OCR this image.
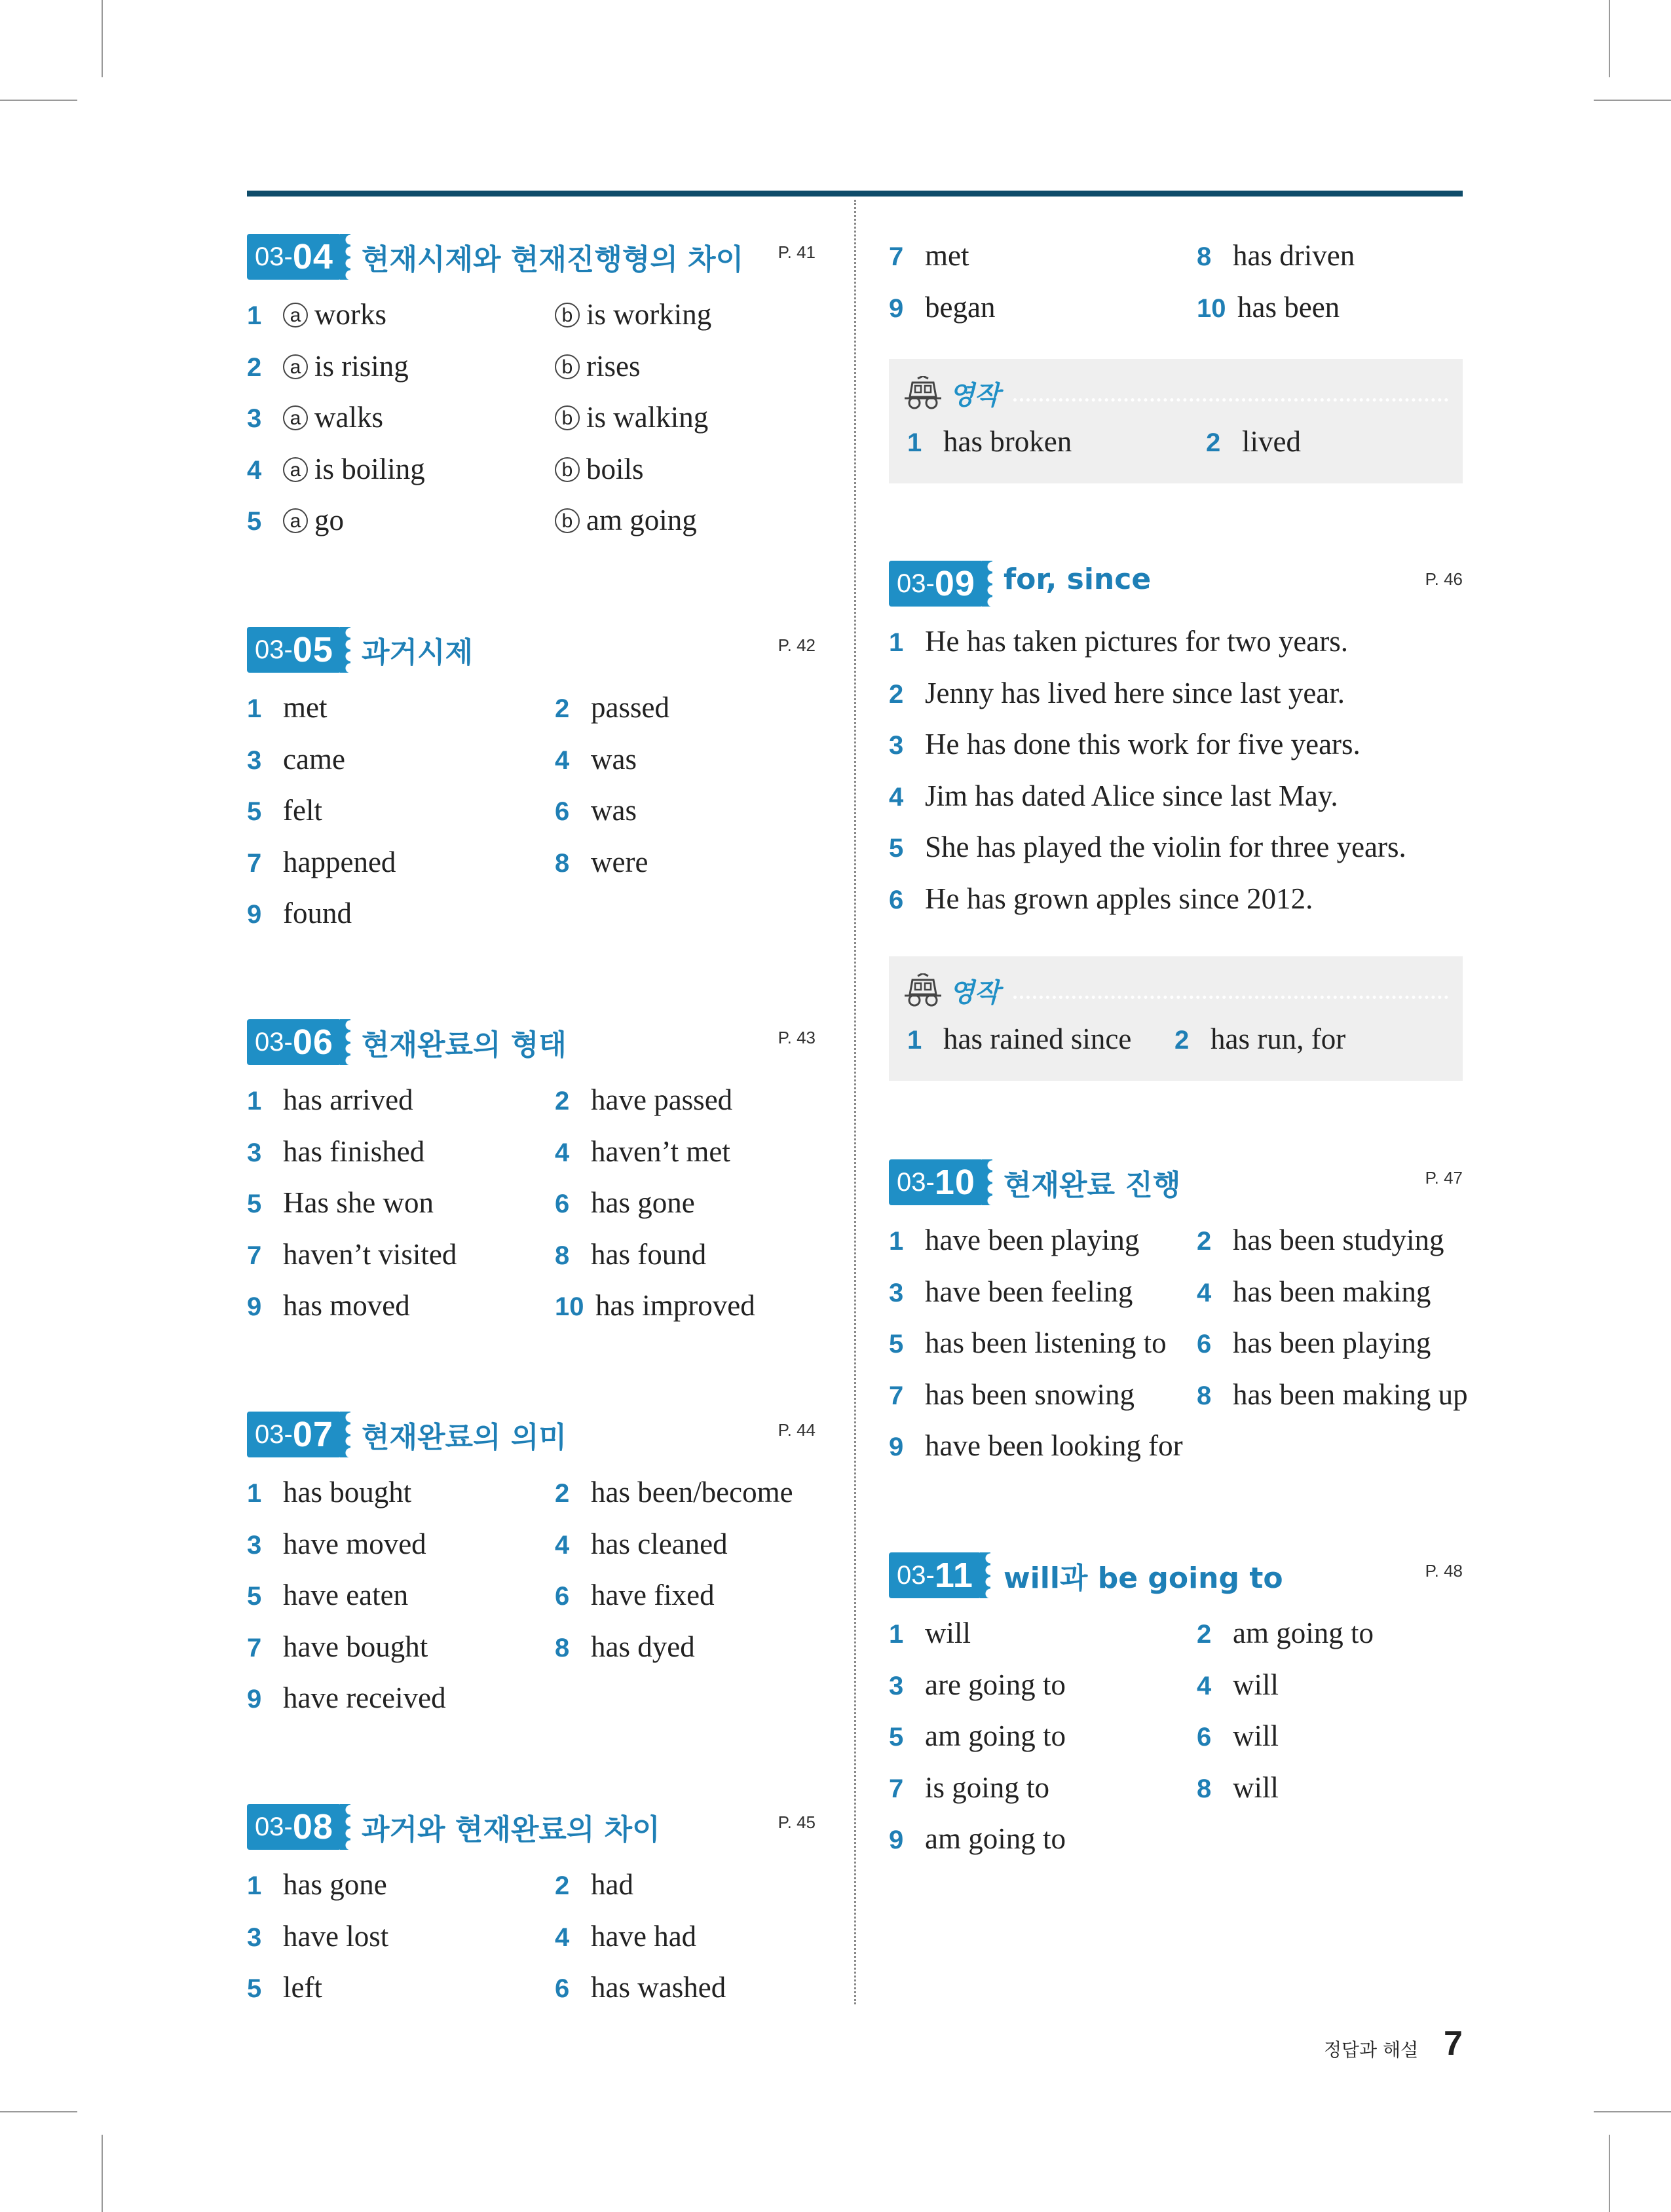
03- 04 현재시제와 현재진행형의 차이 P. 41
1 a works	b is working
2 a is rising	b rises
3 a walks	b is walking
4 a is boiling	b boils
5 a go	b am going
03- 05 과거시제	P. 42
1 met	2 passed
3 came	4 was
5 felt	6 was
7 happened	8 were
9 found
03- 06 현재완료의 형태	P. 43
1 has arrived	2 have passed
3 has finished	4 haven’t met
5 Has she won	6 has gone
7 haven’t visited	8 has found
9 has moved	10 has improved
03- 07 현재완료의 의미	P. 44
1 has bought	2 has been/become
3 have moved	4 has cleaned
5 have eaten	6 have fixed
7 have bought	8 has dyed
9 have received
03- 08 과거와 현재완료의 차이	P. 45
1 has gone	2 had
3 have lost	4 have had
5 left	6 has washed
7 met	8 has driven
9 began	10 has been
영작
1 has broken	2 lived
03- 09 for, since	P. 46
1 He has taken pictures for two years.
2 Jenny has lived here since last year.
3 He has done this work for five years.
4 Jim has dated Alice since last May.
5 She has played the violin for three years.
6 He has grown apples since 2012.
영작
1 has rained since 2 has run, for
03- 10 현재완료 진행	P. 47
1 have been playing 2 has been studying
3 have been feeling 4 has been making
5 has been listening to 6 has been playing
7 has been snowing 8 has been making up
9 have been looking for
03- 11 will과 be going to	P. 48
1 will	2 am going to
3 are going to	4 will
5 am going to	6 will
7 is going to	8 will
9 am going to
정답과 해설 7
